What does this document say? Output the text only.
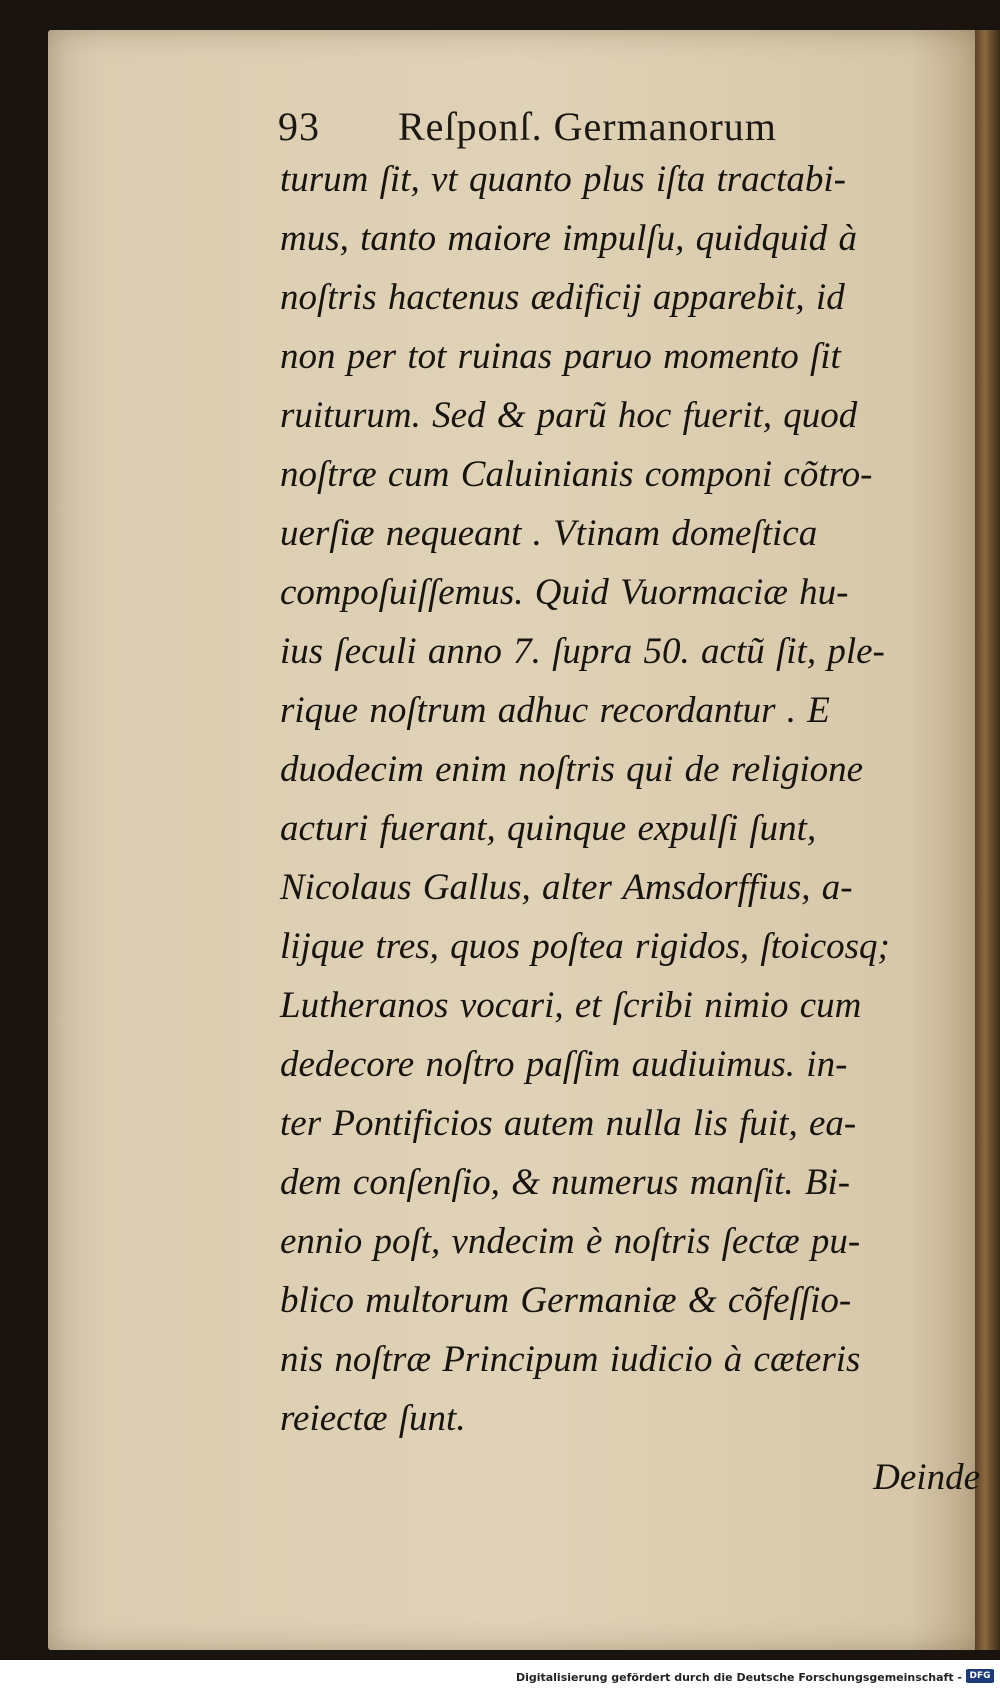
93 Reſponſ. Germanorum
turum ſit, vt quanto plus iſta tractabi-
mus, tanto maiore impulſu, quidquid à
noſtris hactenus ædificij apparebit, id
non per tot ruinas paruo momento ſit
ruiturum. Sed & parũ hoc fuerit, quod
noſtræ cum Caluinianis componi cõtro-
uerſiæ nequeant . Vtinam domeſtica
compoſuiſſemus. Quid Vuormaciæ hu-
ius ſeculi anno 7. ſupra 50. actũ ſit, ple-
rique noſtrum adhuc recordantur . E
duodecim enim noſtris qui de religione
acturi fuerant, quinque expulſi ſunt,
Nicolaus Gallus, alter Amsdorffius, a-
lijque tres, quos poſtea rigidos, ſtoicosq;
Lutheranos vocari, et ſcribi nimio cum
dedecore noſtro paſſim audiuimus. in-
ter Pontificios autem nulla lis fuit, ea-
dem conſenſio, & numerus manſit. Bi-
ennio poſt, vndecim è noſtris ſectæ pu-
blico multorum Germaniæ & cõfeſſio-
nis noſtræ Principum iudicio à cæteris
reiectæ ſunt.
Deinde
Digitalisierung gefördert durch die Deutsche Forschungsgemeinschaft - DFG
